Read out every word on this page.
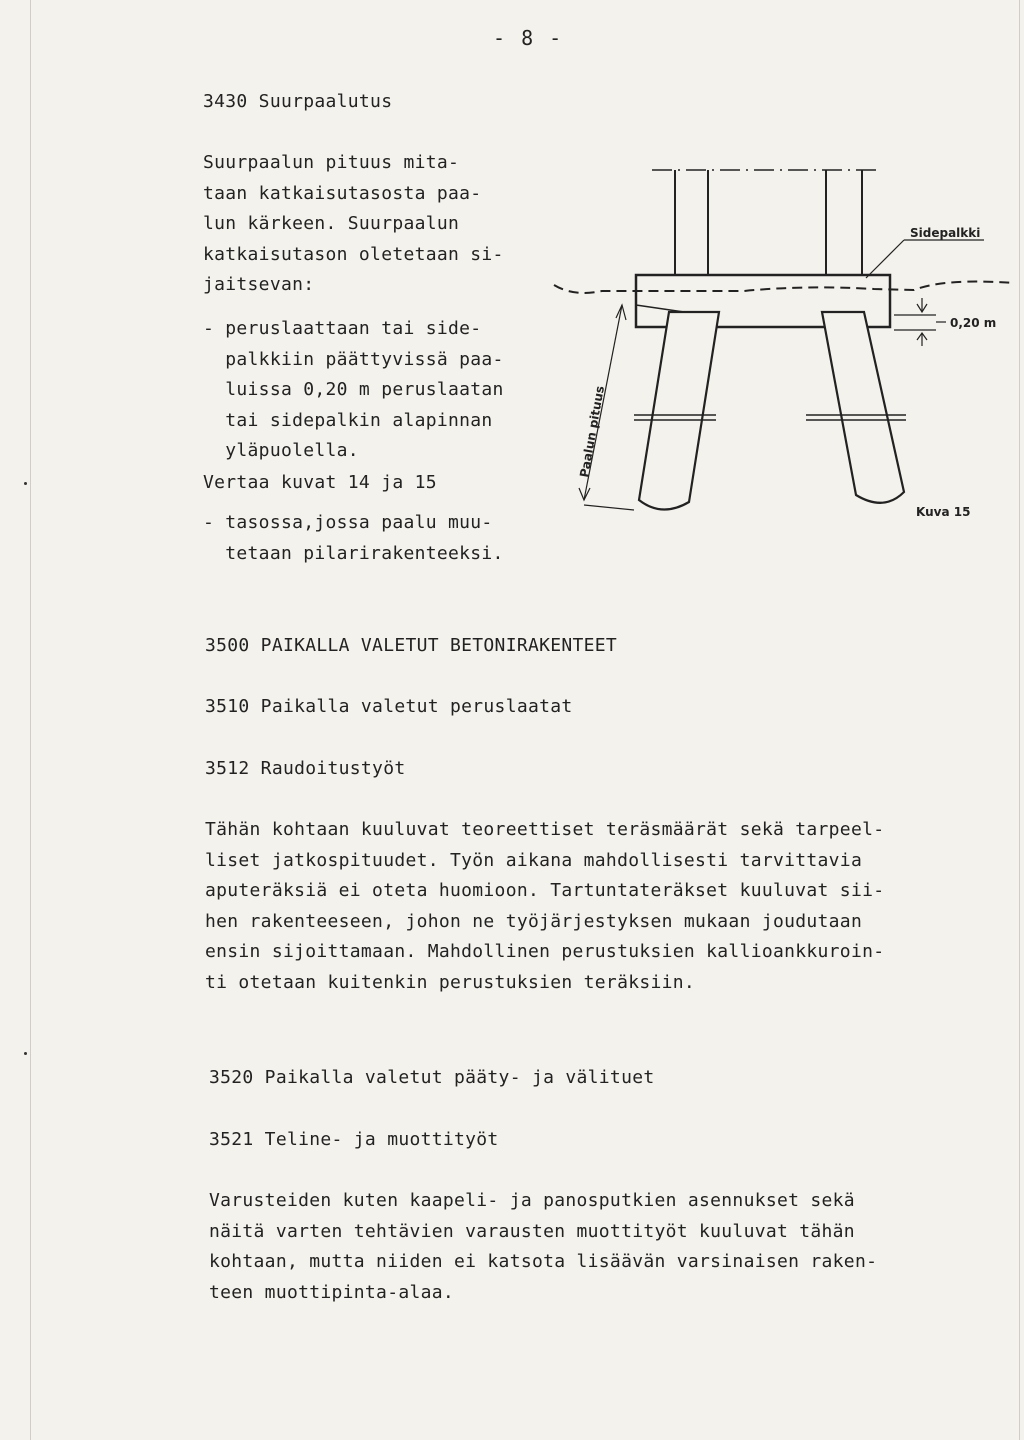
- 8 -
3430 Suurpaalutus
Suurpaalun pituus mita-
taan katkaisutasosta paa-
lun kärkeen. Suurpaalun
katkaisutason oletetaan si-
jaitsevan:
- peruslaattaan tai side-
palkkiin päättyvissä paa-
luissa 0,20 m peruslaatan
tai sidepalkin alapinnan
yläpuolella.
Vertaa kuvat 14 ja 15
- tasossa,jossa paalu muu-
tetaan pilarirakenteeksi.
Sidepalkki
0,20 m
Paalun pituus
Kuva 15
3500 PAIKALLA VALETUT BETONIRAKENTEET
3510 Paikalla valetut peruslaatat
3512 Raudoitustyöt
Tähän kohtaan kuuluvat teoreettiset teräsmäärät sekä tarpeel-
liset jatkospituudet. Työn aikana mahdollisesti tarvittavia
aputeräksiä ei oteta huomioon. Tartuntateräkset kuuluvat sii-
hen rakenteeseen, johon ne työjärjestyksen mukaan joudutaan
ensin sijoittamaan. Mahdollinen perustuksien kallioankkuroin-
ti otetaan kuitenkin perustuksien teräksiin.
3520 Paikalla valetut pääty- ja välituet
3521 Teline- ja muottityöt
Varusteiden kuten kaapeli- ja panosputkien asennukset sekä
näitä varten tehtävien varausten muottityöt kuuluvat tähän
kohtaan, mutta niiden ei katsota lisäävän varsinaisen raken-
teen muottipinta-alaa.
